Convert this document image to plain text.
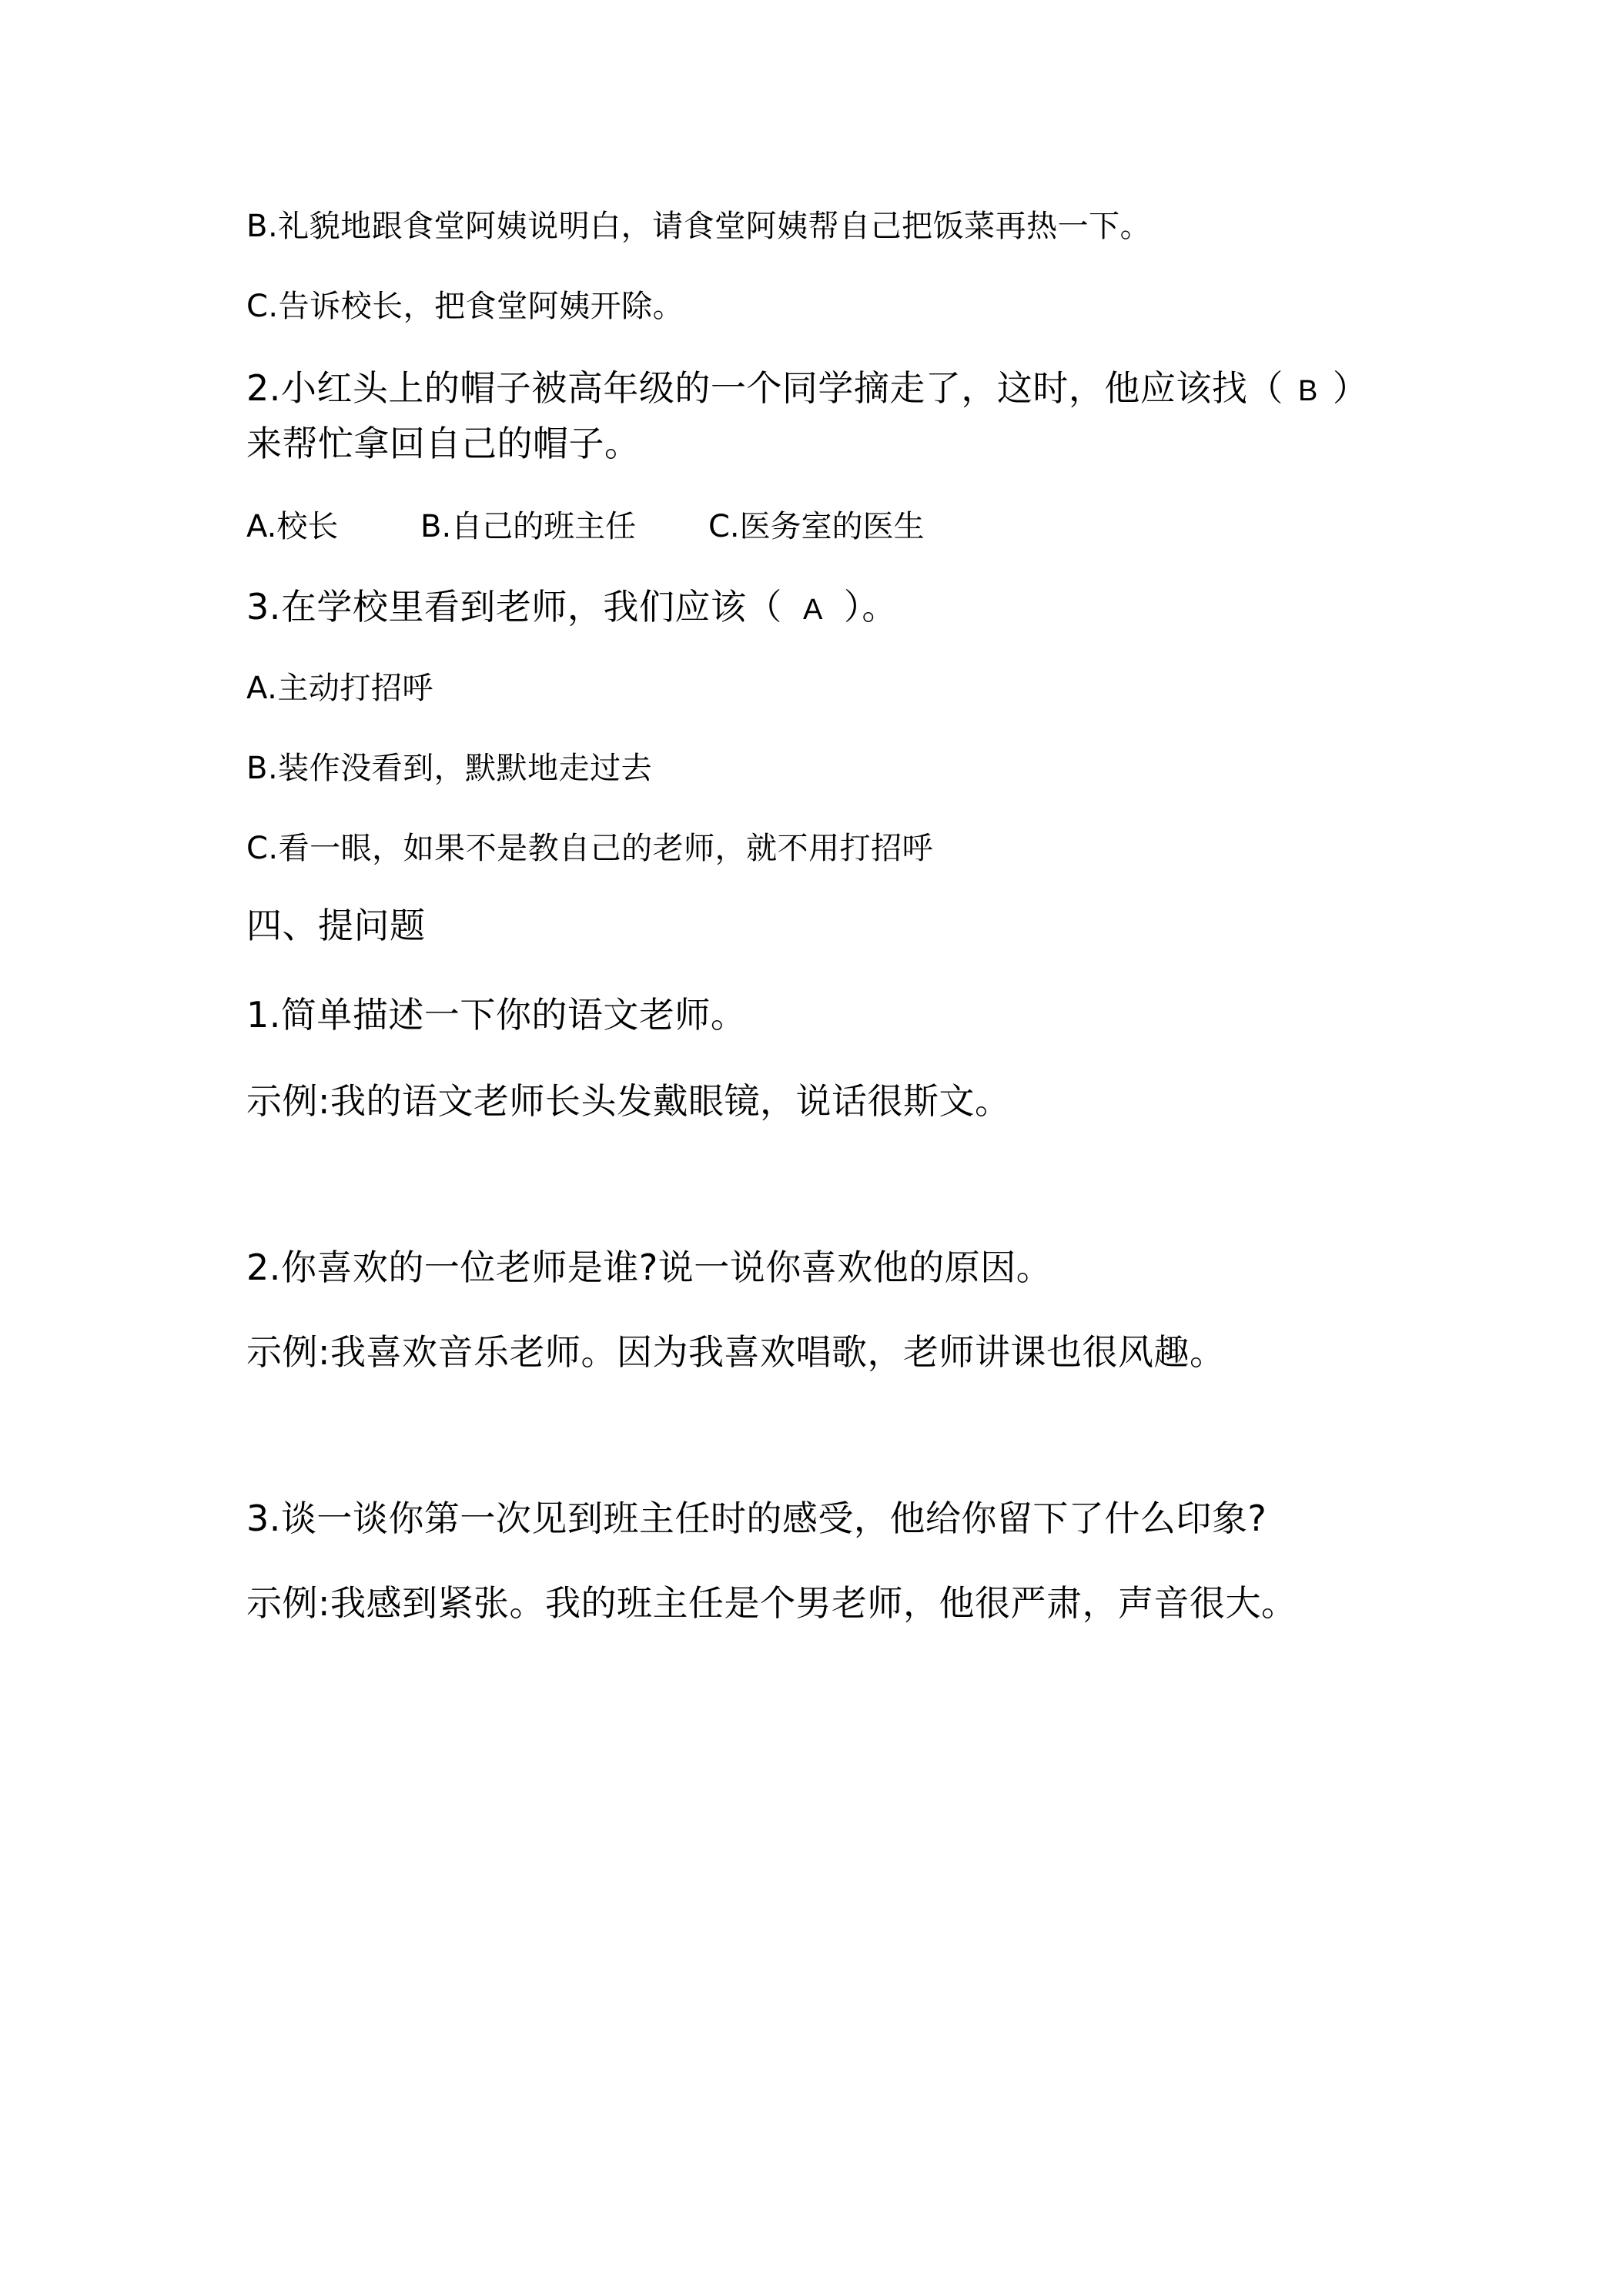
B.礼貌地跟食堂阿姨说明白，请食堂阿姨帮自己把饭菜再热一下。
C.告诉校长，把食堂阿姨开除。
2.小红头上的帽子被高年级的一个同学摘走了，这时，他应该找（ B ）
来帮忙拿回自己的帽子。
A.校长	B.自己的班主任 C.医务室的医生
3.在学校里看到老师，我们应该（ A ）。
A.主动打招呼
B.装作没看到，默默地走过去
C.看一眼，如果不是教自己的老师，就不用打招呼
四、提问题
1.简单描述一下你的语文老师。
示例:我的语文老师长头发戴眼镜，说话很斯文。
2.你喜欢的一位老师是谁?说一说你喜欢他的原因。
示例:我喜欢音乐老师。因为我喜欢唱歌，老师讲课也很风趣。
3.谈一谈你第一次见到班主任时的感受，他给你留下了什么印象?
示例:我感到紧张。我的班主任是个男老师，他很严肃，声音很大。
